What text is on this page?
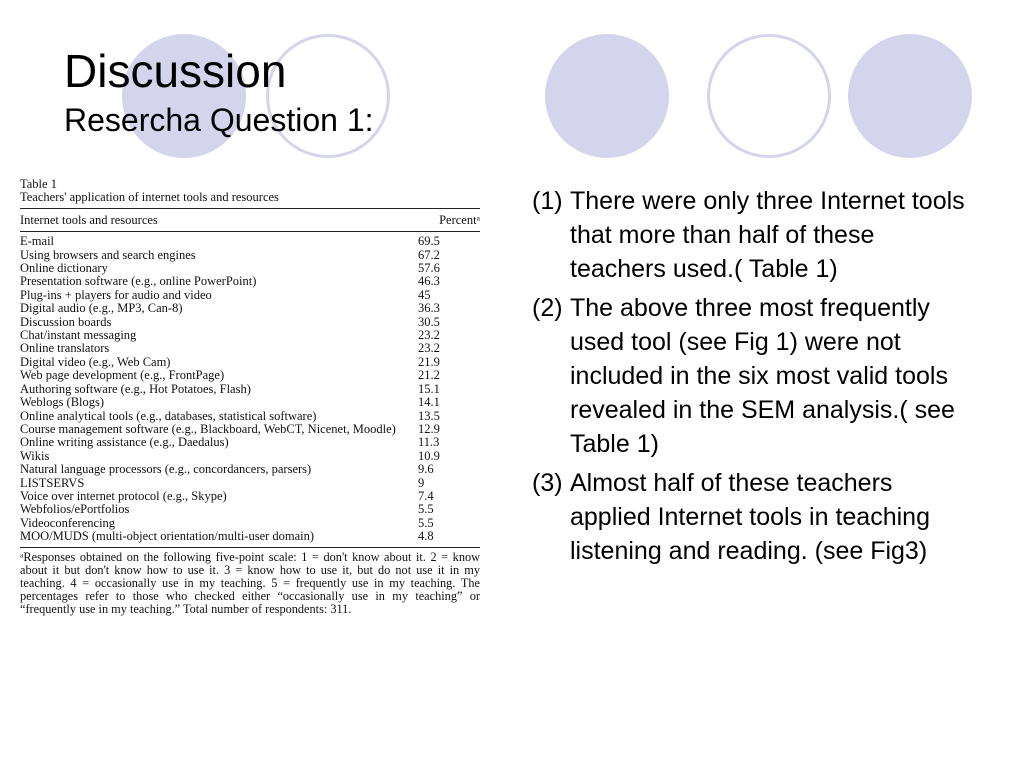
Discussion
Resercha Question 1:

Table 1

Teachers' application of internet tools and resources

Internet tools and resources	Percentᵃ
E-mail	69.5
Using browsers and search engines	67.2
Online dictionary	57.6
Presentation software (e.g., online PowerPoint)	46.3
Plug-ins + players for audio and video	45
Digital audio (e.g., MP3, Can-8)	36.3
Discussion boards	30.5
Chat/instant messaging	23.2
Online translators	23.2
Digital video (e.g., Web Cam)	21.9
Web page development (e.g., FrontPage)	21.2
Authoring software (e.g., Hot Potatoes, Flash)	15.1
Weblogs (Blogs)	14.1
Online analytical tools (e.g., databases, statistical software)	13.5
Course management software (e.g., Blackboard, WebCT, Nicenet, Moodle)	12.9
Online writing assistance (e.g., Daedalus)	11.3
Wikis	10.9
Natural language processors (e.g., concordancers, parsers)	9.6
LISTSERVS	9
Voice over internet protocol (e.g., Skype)	7.4
Webfolios/ePortfolios	5.5
Videoconferencing	5.5
MOO/MUDS (multi-object orientation/multi-user domain)	4.8
ᵃResponses obtained on the following five-point scale: 1 = don't know about it. 2 = know about it but don't know how to use it. 3 = know how to use it, but do not use it in my teaching. 4 = occasionally use in my teaching. 5 = frequently use in my teaching. The percentages refer to those who checked either “occasionally use in my teaching” or “frequently use in my teaching.” Total number of respondents: 311.
(1) There were only three Internet tools that more than half of these teachers used.( Table 1)
(2) The above three most frequently used tool (see Fig 1) were not included in the six most valid tools revealed in the SEM analysis.( see Table 1)
(3) Almost half of these teachers applied Internet tools in teaching listening and reading. (see Fig3)
